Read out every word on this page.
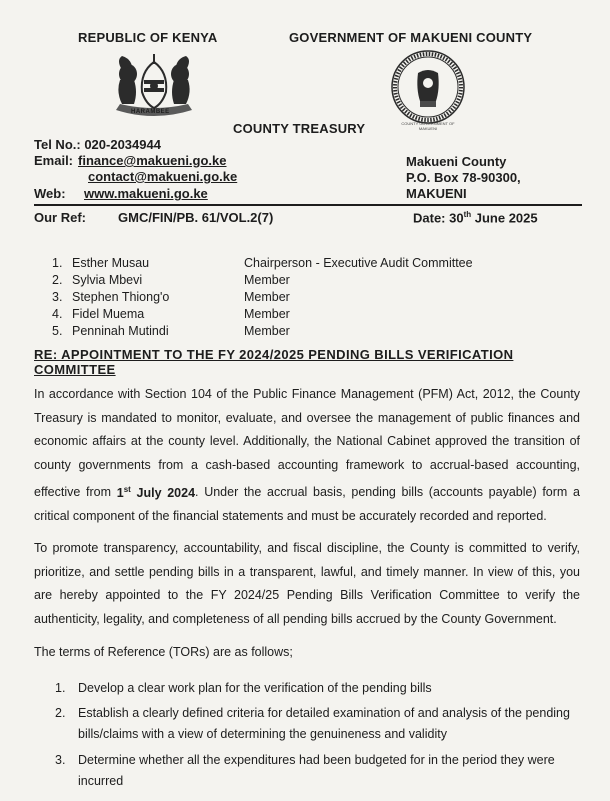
REPUBLIC OF KENYA	GOVERNMENT OF MAKUENI COUNTY
HARAMBEE
COUNTY GOVERNMENT OF MAKUENI
COUNTY TREASURY
Tel No.: 020-2034944
Email: finance@makueni.go.ke
contact@makueni.go.ke
Web: www.makueni.go.ke
Makueni County
P.O. Box 78-90300,
MAKUENI
Our Ref: GMC/FIN/PB. 61/VOL.2(7)	Date: 30th June 2025
1. Esther Musau	Chairperson - Executive Audit Committee
2. Sylvia Mbevi	Member
3. Stephen Thiong'o	Member
4. Fidel Muema	Member
5. Penninah Mutindi	Member
RE: APPOINTMENT TO THE FY 2024/2025 PENDING BILLS VERIFICATION COMMITTEE
In accordance with Section 104 of the Public Finance Management (PFM) Act, 2012, the County Treasury is mandated to monitor, evaluate, and oversee the management of public finances and economic affairs at the county level. Additionally, the National Cabinet approved the transition of county governments from a cash-based accounting framework to accrual-based accounting, effective from 1st July 2024. Under the accrual basis, pending bills (accounts payable) form a critical component of the financial statements and must be accurately recorded and reported.
To promote transparency, accountability, and fiscal discipline, the County is committed to verify, prioritize, and settle pending bills in a transparent, lawful, and timely manner. In view of this, you are hereby appointed to the FY 2024/25 Pending Bills Verification Committee to verify the authenticity, legality, and completeness of all pending bills accrued by the County Government.
The terms of Reference (TORs) are as follows;
1. Develop a clear work plan for the verification of the pending bills
2. Establish a clearly defined criteria for detailed examination of and analysis of the pending bills/claims with a view of determining the genuineness and validity
3. Determine whether all the expenditures had been budgeted for in the period they were incurred
